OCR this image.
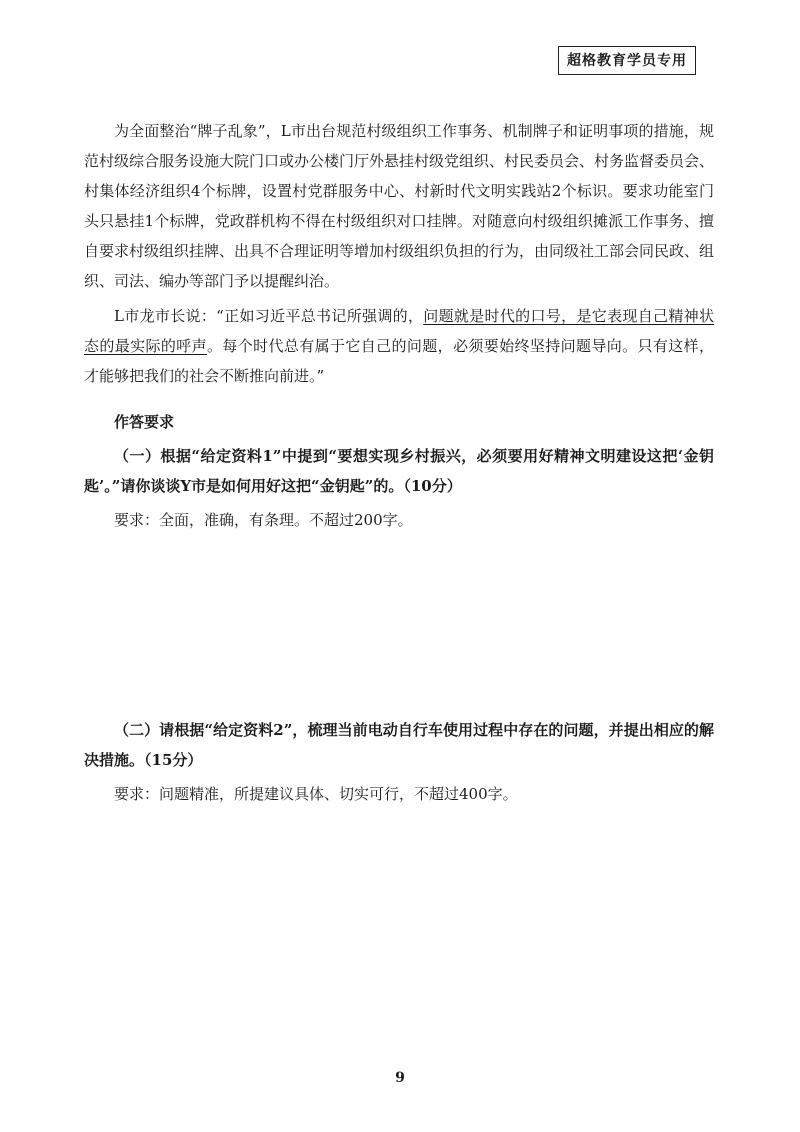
超格教育学员专用

为全面整治“牌子乱象”，L市出台规范村级组织工作事务、机制牌子和证明事项的措施，规范村级综合服务设施大院门口或办公楼门厅外悬挂村级党组织、村民委员会、村务监督委员会、村集体经济组织4个标牌，设置村党群服务中心、村新时代文明实践站2个标识。要求功能室门头只悬挂1个标牌，党政群机构不得在村级组织对口挂牌。对随意向村级组织摊派工作事务、擅自要求村级组织挂牌、出具不合理证明等增加村级组织负担的行为，由同级社工部会同民政、组织、司法、编办等部门予以提醒纠治。

L市龙市长说：“正如习近平总书记所强调的，问题就是时代的口号，是它表现自己精神状态的最实际的呼声。每个时代总有属于它自己的问题，必须要始终坚持问题导向。只有这样，才能够把我们的社会不断推向前进。”

作答要求

（一）根据“给定资料1”中提到“要想实现乡村振兴，必须要用好精神文明建设这把‘金钥匙’。”请你谈谈Y市是如何用好这把“金钥匙”的。（10分）

要求：全面，准确，有条理。不超过200字。

（二）请根据“给定资料2”，梳理当前电动自行车使用过程中存在的问题，并提出相应的解决措施。（15分）

要求：问题精准，所提建议具体、切实可行，不超过400字。

9
